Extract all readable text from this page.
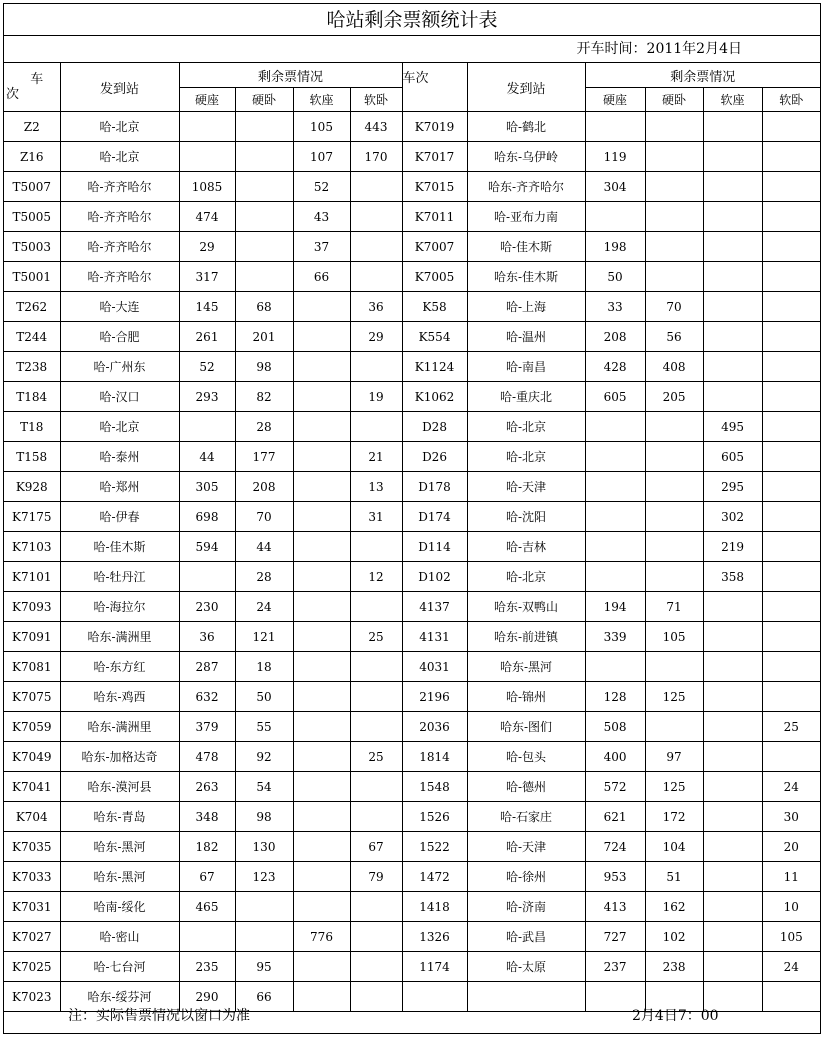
哈站剩余票额统计表
开车时间：2011年2月4日
车
次	发到站	剩余票情况				车次	发到站	剩余票情况			
		硬座	硬卧	软座	软卧			硬座	硬卧	软座	软卧
Z2	哈-北京			105	443	K7019	哈-鹤北				
Z16	哈-北京			107	170	K7017	哈东-乌伊岭	119			
T5007	哈-齐齐哈尔	1085		52		K7015	哈东-齐齐哈尔	304			
T5005	哈-齐齐哈尔	474		43		K7011	哈-亚布力南				
T5003	哈-齐齐哈尔	29		37		K7007	哈-佳木斯	198			
T5001	哈-齐齐哈尔	317		66		K7005	哈东-佳木斯	50			
T262	哈-大连	145	68		36	K58	哈-上海	33	70		
T244	哈-合肥	261	201		29	K554	哈-温州	208	56		
T238	哈-广州东	52	98			K1124	哈-南昌	428	408		
T184	哈-汉口	293	82		19	K1062	哈-重庆北	605	205		
T18	哈-北京		28			D28	哈-北京			495	
T158	哈-泰州	44	177		21	D26	哈-北京			605	
K928	哈-郑州	305	208		13	D178	哈-天津			295	
K7175	哈-伊春	698	70		31	D174	哈-沈阳			302	
K7103	哈-佳木斯	594	44			D114	哈-吉林			219	
K7101	哈-牡丹江		28		12	D102	哈-北京			358	
K7093	哈-海拉尔	230	24			4137	哈东-双鸭山	194	71		
K7091	哈东-满洲里	36	121		25	4131	哈东-前进镇	339	105		
K7081	哈-东方红	287	18			4031	哈东-黑河				
K7075	哈东-鸡西	632	50			2196	哈-锦州	128	125		
K7059	哈东-满洲里	379	55			2036	哈东-图们	508			25
K7049	哈东-加格达奇	478	92		25	1814	哈-包头	400	97		
K7041	哈东-漠河县	263	54			1548	哈-德州	572	125		24
K704	哈东-青岛	348	98			1526	哈-石家庄	621	172		30
K7035	哈东-黑河	182	130		67	1522	哈-天津	724	104		20
K7033	哈东-黑河	67	123		79	1472	哈-徐州	953	51		11
K7031	哈南-绥化	465				1418	哈-济南	413	162		10
K7027	哈-密山			776		1326	哈-武昌	727	102		105
K7025	哈-七台河	235	95			1174	哈-太原	237	238		24
K7023	哈东-绥芬河	290	66								
注：实际售票情况以窗口为准	2月4日7：00
